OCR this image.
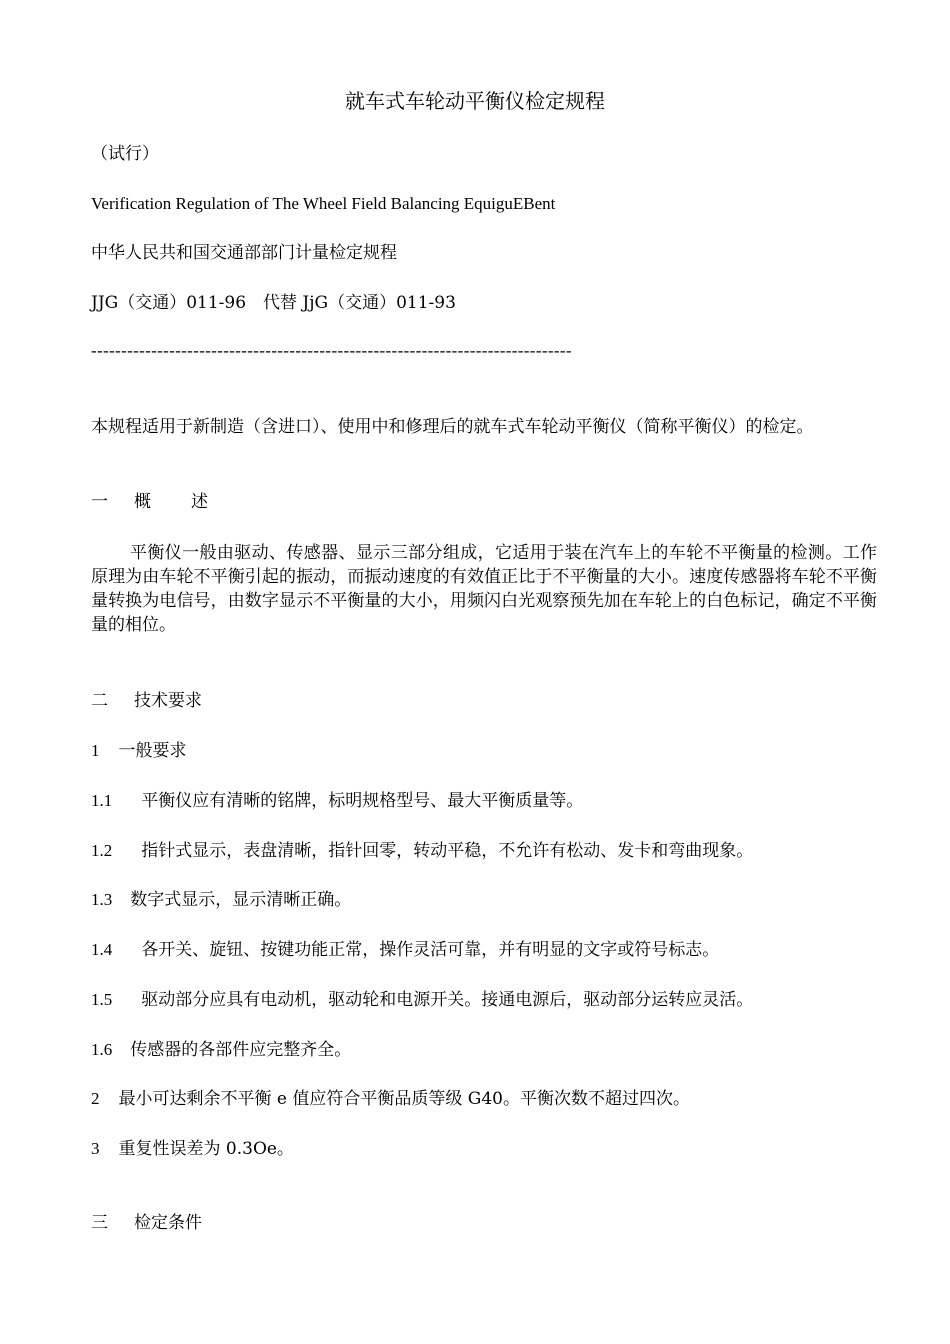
就车式车轮动平衡仪检定规程

（试行）

Verification Regulation of The Wheel Field Balancing EquiguEBent

中华人民共和国交通部部门计量检定规程

JJG（交通）011-96　代替 JjG（交通）011-93

--------------------------------------------------------------------------------

本规程适用于新制造（含进口）、使用中和修理后的就车式车轮动平衡仪（简称平衡仪）的检定。

一 概 述

平衡仪一般由驱动、传感器、显示三部分组成，它适用于装在汽车上的车轮不平衡量的检测。工作原理为由车轮不平衡引起的振动，而振动速度的有效值正比于不平衡量的大小。速度传感器将车轮不平衡量转换为电信号，由数字显示不平衡量的大小，用频闪白光观察预先加在车轮上的白色标记，确定不平衡量的相位。

二 技术要求

1 一般要求

1.1 平衡仪应有清晰的铭牌，标明规格型号、最大平衡质量等。

1.2 指针式显示，表盘清晰，指针回零，转动平稳，不允许有松动、发卡和弯曲现象。

1.3 数字式显示，显示清晰正确。

1.4 各开关、旋钮、按键功能正常，操作灵活可靠，并有明显的文字或符号标志。

1.5 驱动部分应具有电动机，驱动轮和电源开关。接通电源后，驱动部分运转应灵活。

1.6 传感器的各部件应完整齐全。

2 最小可达剩余不平衡 e 值应符合平衡品质等级 G40。平衡次数不超过四次。

3 重复性误差为 0.3Oe。

三 检定条件
